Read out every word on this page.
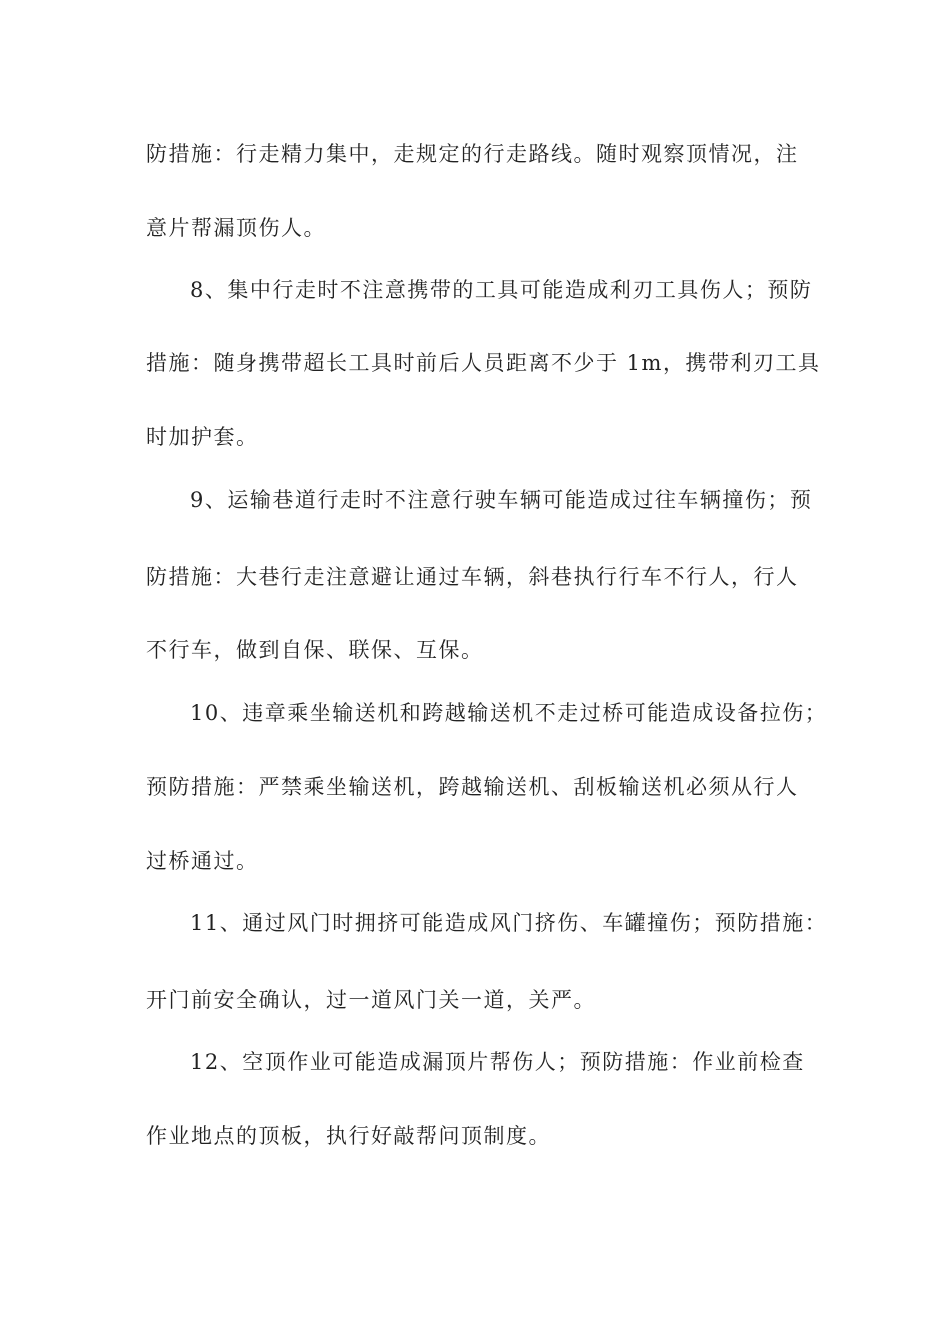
防措施：行走精力集中，走规定的行走路线。随时观察顶情况，注
意片帮漏顶伤人。
8、集中行走时不注意携带的工具可能造成利刃工具伤人；预防
措施：随身携带超长工具时前后人员距离不少于 1m，携带利刃工具
时加护套。
9、运输巷道行走时不注意行驶车辆可能造成过往车辆撞伤；预
防措施：大巷行走注意避让通过车辆，斜巷执行行车不行人，行人
不行车，做到自保、联保、互保。
10、违章乘坐输送机和跨越输送机不走过桥可能造成设备拉伤；
预防措施：严禁乘坐输送机，跨越输送机、刮板输送机必须从行人
过桥通过。
11、通过风门时拥挤可能造成风门挤伤、车罐撞伤；预防措施：
开门前安全确认，过一道风门关一道，关严。
12、空顶作业可能造成漏顶片帮伤人；预防措施：作业前检查
作业地点的顶板，执行好敲帮问顶制度。
